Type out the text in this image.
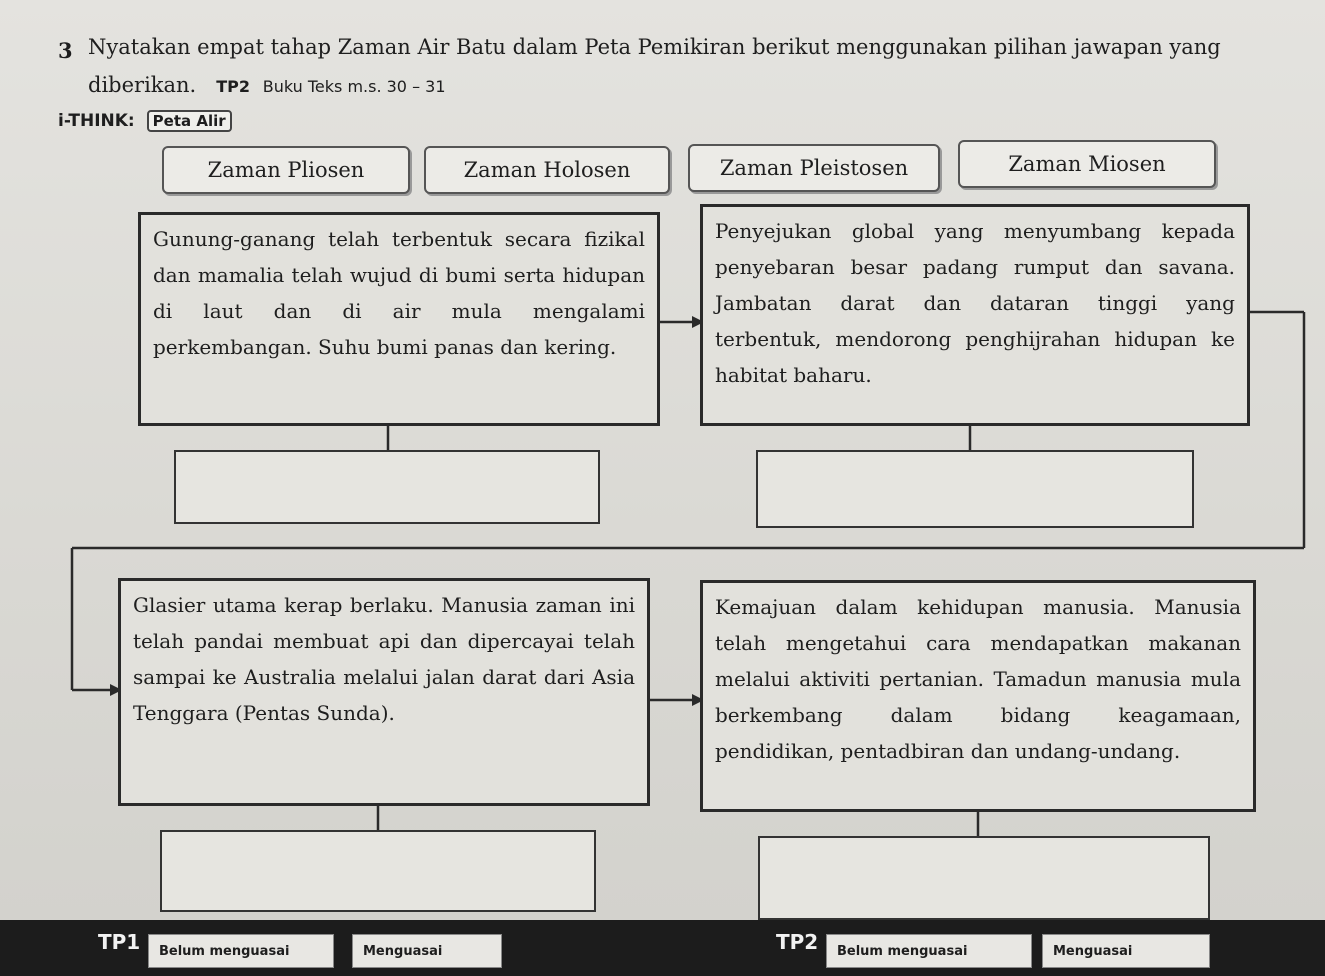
3 Nyatakan empat tahap Zaman Air Batu dalam Peta Pemikiran berikut menggunakan pilihan jawapan yang
diberikan. TP2 Buku Teks m.s. 30 – 31
i-THINK: Peta Alir
Zaman Pliosen	Zaman Holosen	Zaman Pleistosen	Zaman Miosen
Gunung-ganang telah terbentuk secara fizikal dan mamalia telah wujud di bumi serta hidupan di laut dan di air mula mengalami perkembangan. Suhu bumi panas dan kering.
Penyejukan global yang menyumbang kepada penyebaran besar padang rumput dan savana. Jambatan darat dan dataran tinggi yang terbentuk, mendorong penghijrahan hidupan ke habitat baharu.
Glasier utama kerap berlaku. Manusia zaman ini telah pandai membuat api dan dipercayai telah sampai ke Australia melalui jalan darat dari Asia Tenggara (Pentas Sunda).
Kemajuan dalam kehidupan manusia. Manusia telah mengetahui cara mendapatkan makanan melalui aktiviti pertanian. Tamadun manusia mula berkembang dalam bidang keagamaan, pendidikan, pentadbiran dan undang-undang.
TP1	Belum menguasai	Menguasai	TP2	Belum menguasai	Menguasai
